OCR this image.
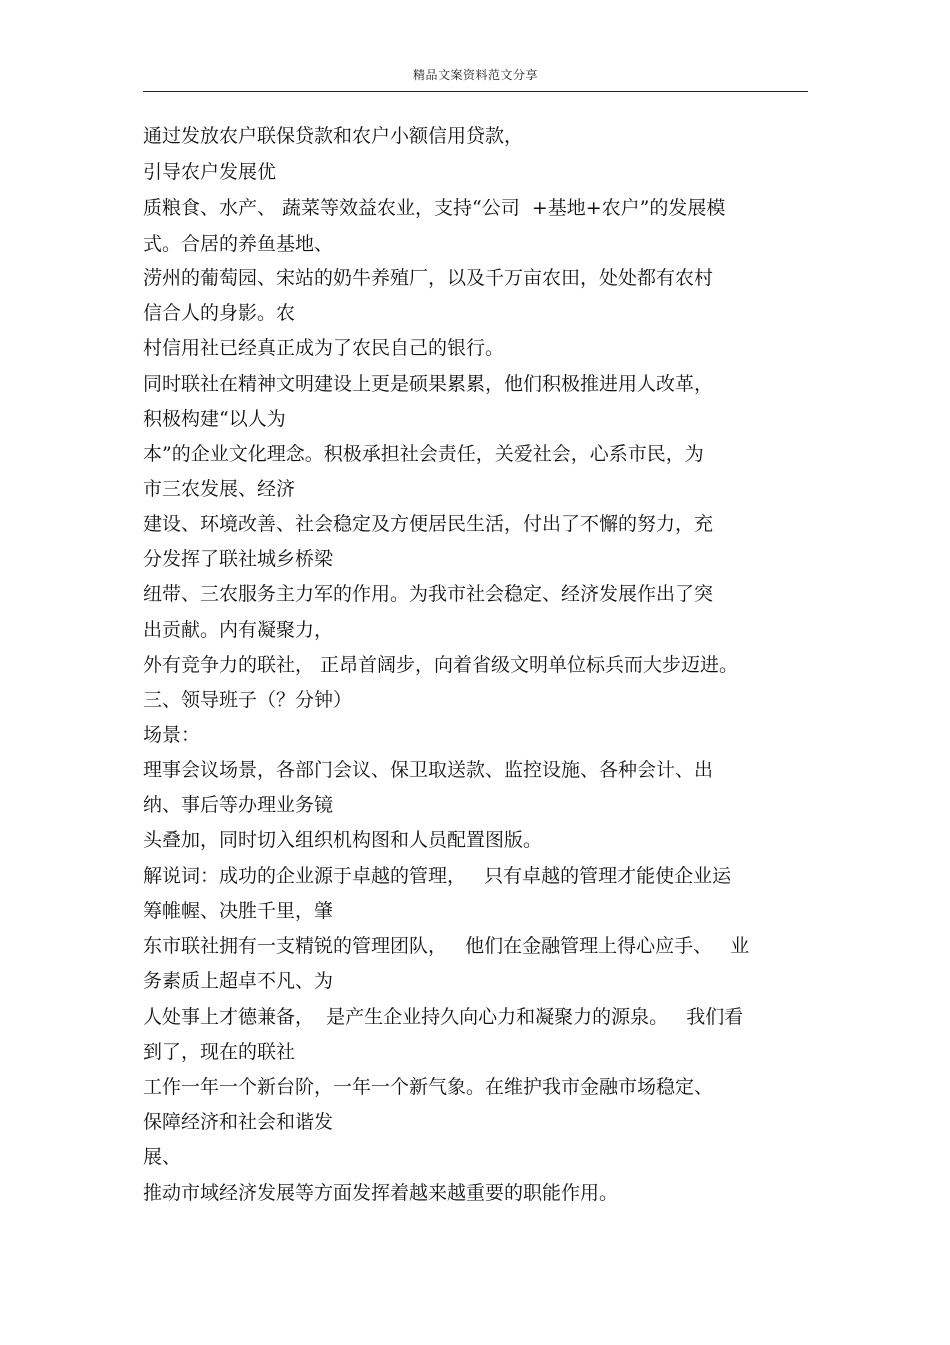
精品文案资料范文分享
通过发放农户联保贷款和农户小额信用贷款，
引导农户发展优
质粮食、水产、 蔬菜等效益农业，支持“公司  +基地+农户”的发展模
式。合居的养鱼基地、
涝州的葡萄园、宋站的奶牛养殖厂，以及千万亩农田，处处都有农村
信合人的身影。农
村信用社已经真正成为了农民自己的银行。
同时联社在精神文明建设上更是硕果累累，他们积极推进用人改革，
积极构建“以人为
本”的企业文化理念。积极承担社会责任，关爱社会，心系市民，为
市三农发展、经济
建设、环境改善、社会稳定及方便居民生活，付出了不懈的努力，充
分发挥了联社城乡桥梁
纽带、三农服务主力军的作用。为我市社会稳定、经济发展作出了突
出贡献。内有凝聚力，
外有竞争力的联社， 正昂首阔步，向着省级文明单位标兵而大步迈进。
三、领导班子（？分钟）
场景：
理事会议场景，各部门会议、保卫取送款、监控设施、各种会计、出
纳、事后等办理业务镜
头叠加，同时切入组织机构图和人员配置图版。
解说词：成功的企业源于卓越的管理，   只有卓越的管理才能使企业运
筹帷幄、决胜千里，肇
东市联社拥有一支精锐的管理团队，   他们在金融管理上得心应手、   业
务素质上超卓不凡、为
人处事上才德兼备，  是产生企业持久向心力和凝聚力的源泉。   我们看
到了，现在的联社
工作一年一个新台阶，一年一个新气象。在维护我市金融市场稳定、
保障经济和社会和谐发
展、
推动市域经济发展等方面发挥着越来越重要的职能作用。
